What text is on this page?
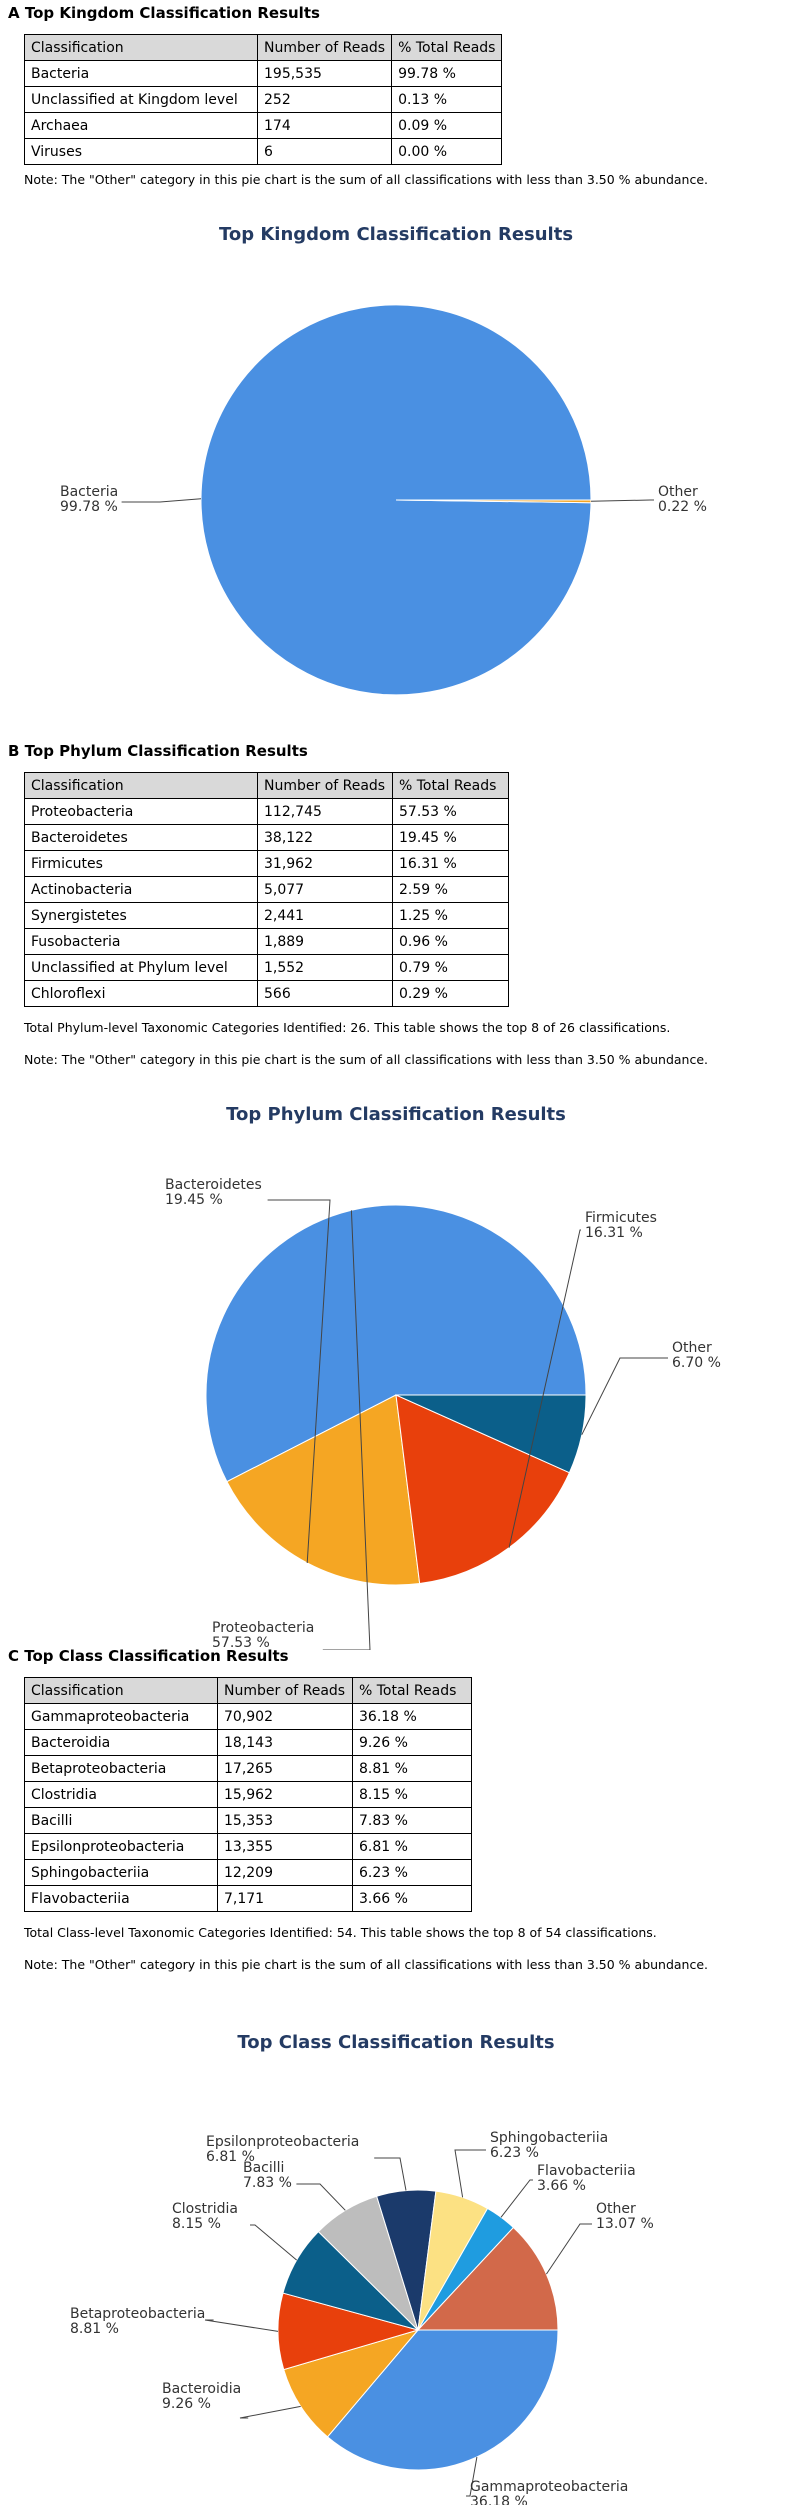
A Top Kingdom Classification Results
Classification	Number of Reads	% Total Reads
Bacteria	195,535	99.78 %
Unclassified at Kingdom level	252	0.13 %
Archaea	174	0.09 %
Viruses	6	0.00 %
Note: The "Other" category in this pie chart is the sum of all classifications with less than 3.50 % abundance.
Top Kingdom Classification Results
Bacteria
99.78 %
Other
0.22 %
B Top Phylum Classification Results
Classification	Number of Reads	% Total Reads
Proteobacteria	112,745	57.53 %
Bacteroidetes	38,122	19.45 %
Firmicutes	31,962	16.31 %
Actinobacteria	5,077	2.59 %
Synergistetes	2,441	1.25 %
Fusobacteria	1,889	0.96 %
Unclassified at Phylum level	1,552	0.79 %
Chloroflexi	566	0.29 %
Total Phylum-level Taxonomic Categories Identified: 26. This table shows the top 8 of 26 classifications.
Note: The "Other" category in this pie chart is the sum of all classifications with less than 3.50 % abundance.
Top Phylum Classification Results
Proteobacteria
57.53 %
Bacteroidetes
19.45 %
Firmicutes
16.31 %
Other
6.70 %
C Top Class Classification Results
Classification	Number of Reads	% Total Reads
Gammaproteobacteria	70,902	36.18 %
Bacteroidia	18,143	9.26 %
Betaproteobacteria	17,265	8.81 %
Clostridia	15,962	8.15 %
Bacilli	15,353	7.83 %
Epsilonproteobacteria	13,355	6.81 %
Sphingobacteriia	12,209	6.23 %
Flavobacteriia	7,171	3.66 %
Total Class-level Taxonomic Categories Identified: 54. This table shows the top 8 of 54 classifications.
Note: The "Other" category in this pie chart is the sum of all classifications with less than 3.50 % abundance.
Top Class Classification Results
Gammaproteobacteria
36.18 %
Bacteroidia
9.26 %
Betaproteobacteria
8.81 %
Clostridia
8.15 %
Bacilli
7.83 %
Epsilonproteobacteria
6.81 %
Sphingobacteriia
6.23 %
Flavobacteriia
3.66 %
Other
13.07 %
